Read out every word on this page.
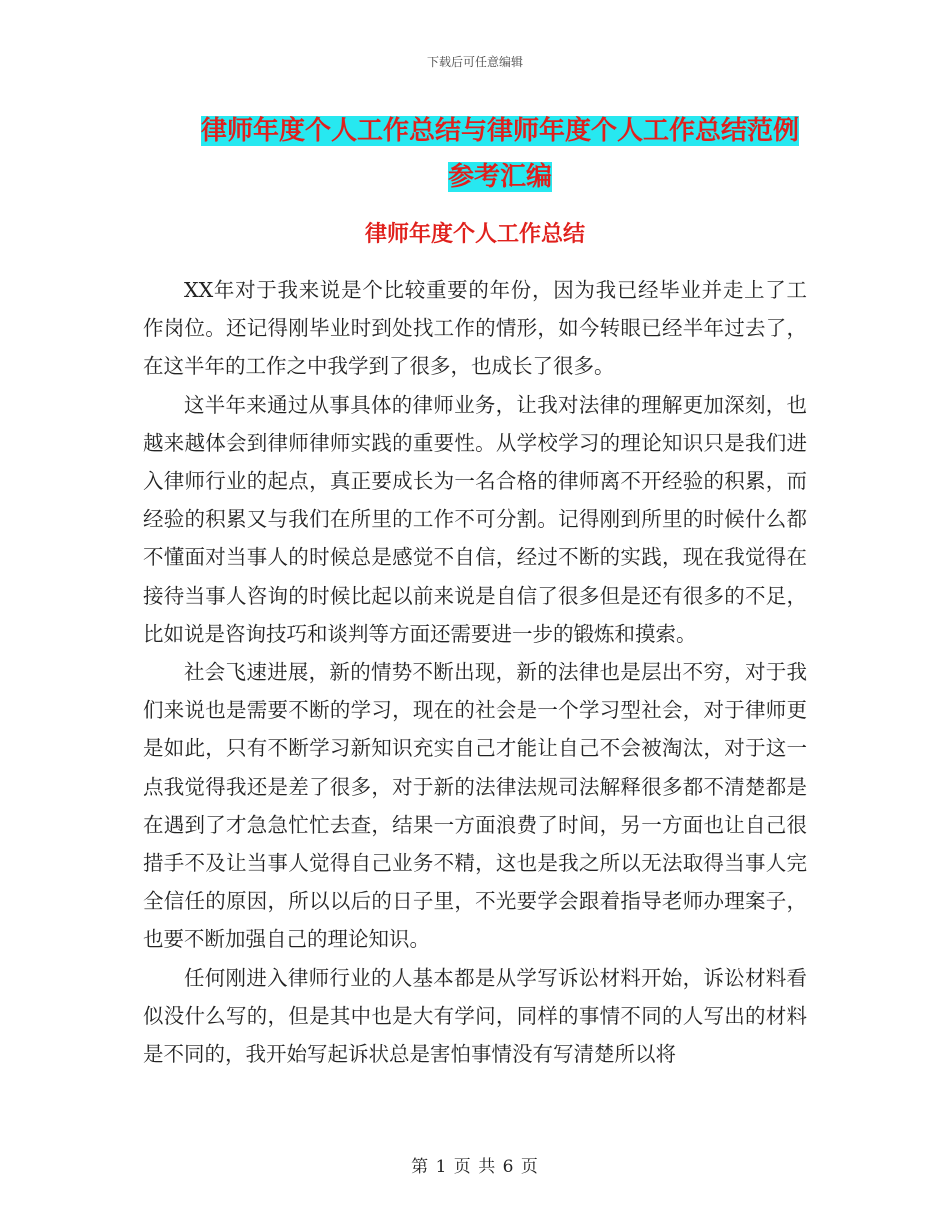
下载后可任意编辑
律师年度个人工作总结与律师年度个人工作总结范例
参考汇编
律师年度个人工作总结

XX年对于我来说是个比较重要的年份，因为我已经毕业并走上了工作岗位。还记得刚毕业时到处找工作的情形，如今转眼已经半年过去了，在这半年的工作之中我学到了很多，也成长了很多。

这半年来通过从事具体的律师业务，让我对法律的理解更加深刻，也越来越体会到律师律师实践的重要性。从学校学习的理论知识只是我们进入律师行业的起点，真正要成长为一名合格的律师离不开经验的积累，而经验的积累又与我们在所里的工作不可分割。记得刚到所里的时候什么都不懂面对当事人的时候总是感觉不自信，经过不断的实践，现在我觉得在接待当事人咨询的时候比起以前来说是自信了很多但是还有很多的不足，比如说是咨询技巧和谈判等方面还需要进一步的锻炼和摸索。

社会飞速进展，新的情势不断出现，新的法律也是层出不穷，对于我们来说也是需要不断的学习，现在的社会是一个学习型社会，对于律师更是如此，只有不断学习新知识充实自己才能让自己不会被淘汰，对于这一点我觉得我还是差了很多，对于新的法律法规司法解释很多都不清楚都是在遇到了才急急忙忙去查，结果一方面浪费了时间，另一方面也让自己很措手不及让当事人觉得自己业务不精，这也是我之所以无法取得当事人完全信任的原因，所以以后的日子里，不光要学会跟着指导老师办理案子，也要不断加强自己的理论知识。

任何刚进入律师行业的人基本都是从学写诉讼材料开始，诉讼材料看似没什么写的，但是其中也是大有学问，同样的事情不同的人写出的材料是不同的，我开始写起诉状总是害怕事情没有写清楚所以将

第 1 页 共 6 页
